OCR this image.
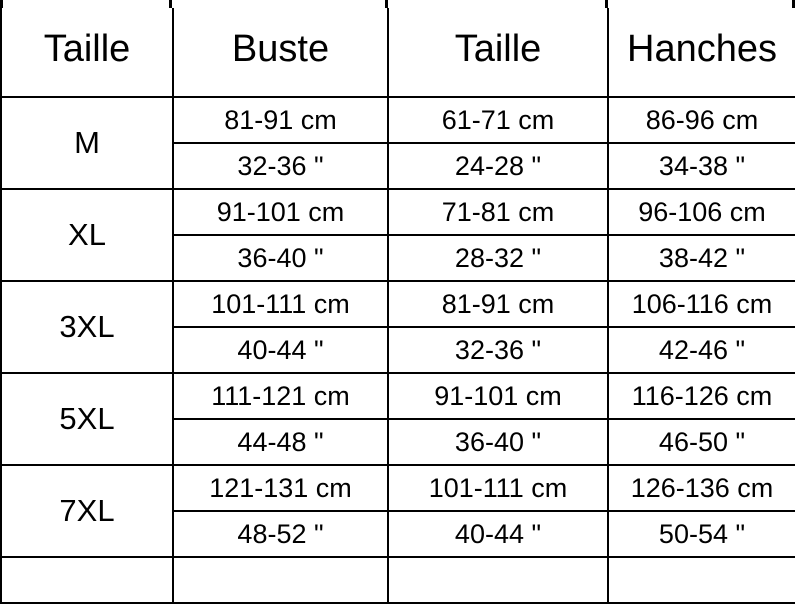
Taille	Buste	Taille	Hanches
M	81-91 cm	61-71 cm	86-96 cm
	32-36 "	24-28 "	34-38 "
XL	91-101 cm	71-81 cm	96-106 cm
	36-40 "	28-32 "	38-42 "
3XL	101-111 cm	81-91 cm	106-116 cm
	40-44 "	32-36 "	42-46 "
5XL	111-121 cm	91-101 cm	116-126 cm
	44-48 "	36-40 "	46-50 "
7XL	121-131 cm	101-111 cm	126-136 cm
	48-52 "	40-44 "	50-54 "
